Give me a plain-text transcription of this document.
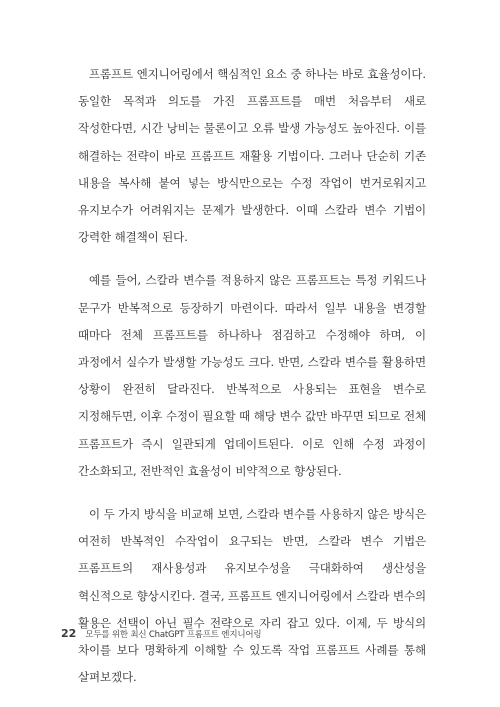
프롬프트 엔지니어링에서 핵심적인 요소 중 하나는 바로 효율성이다. 동일한 목적과 의도를 가진 프롬프트를 매번 처음부터 새로 작성한다면, 시간 낭비는 물론이고 오류 발생 가능성도 높아진다. 이를 해결하는 전략이 바로 프롬프트 재활용 기법이다. 그러나 단순히 기존 내용을 복사해 붙여 넣는 방식만으로는 수정 작업이 번거로워지고 유지보수가 어려워지는 문제가 발생한다. 이때 스칼라 변수 기법이 강력한 해결책이 된다.

예를 들어, 스칼라 변수를 적용하지 않은 프롬프트는 특정 키워드나 문구가 반복적으로 등장하기 마련이다. 따라서 일부 내용을 변경할 때마다 전체 프롬프트를 하나하나 점검하고 수정해야 하며, 이 과정에서 실수가 발생할 가능성도 크다. 반면, 스칼라 변수를 활용하면 상황이 완전히 달라진다. 반복적으로 사용되는 표현을 변수로 지정해두면, 이후 수정이 필요할 때 해당 변수 값만 바꾸면 되므로 전체 프롬프트가 즉시 일관되게 업데이트된다. 이로 인해 수정 과정이 간소화되고, 전반적인 효율성이 비약적으로 향상된다.

이 두 가지 방식을 비교해 보면, 스칼라 변수를 사용하지 않은 방식은 여전히 반복적인 수작업이 요구되는 반면, 스칼라 변수 기법은 프롬프트의 재사용성과 유지보수성을 극대화하여 생산성을 혁신적으로 향상시킨다. 결국, 프롬프트 엔지니어링에서 스칼라 변수의 활용은 선택이 아닌 필수 전략으로 자리 잡고 있다. 이제, 두 방식의 차이를 보다 명확하게 이해할 수 있도록 작업 프롬프트 사례를 통해 살펴보겠다.

22 모두를 위한 최신 ChatGPT 프롬프트 엔지니어링
